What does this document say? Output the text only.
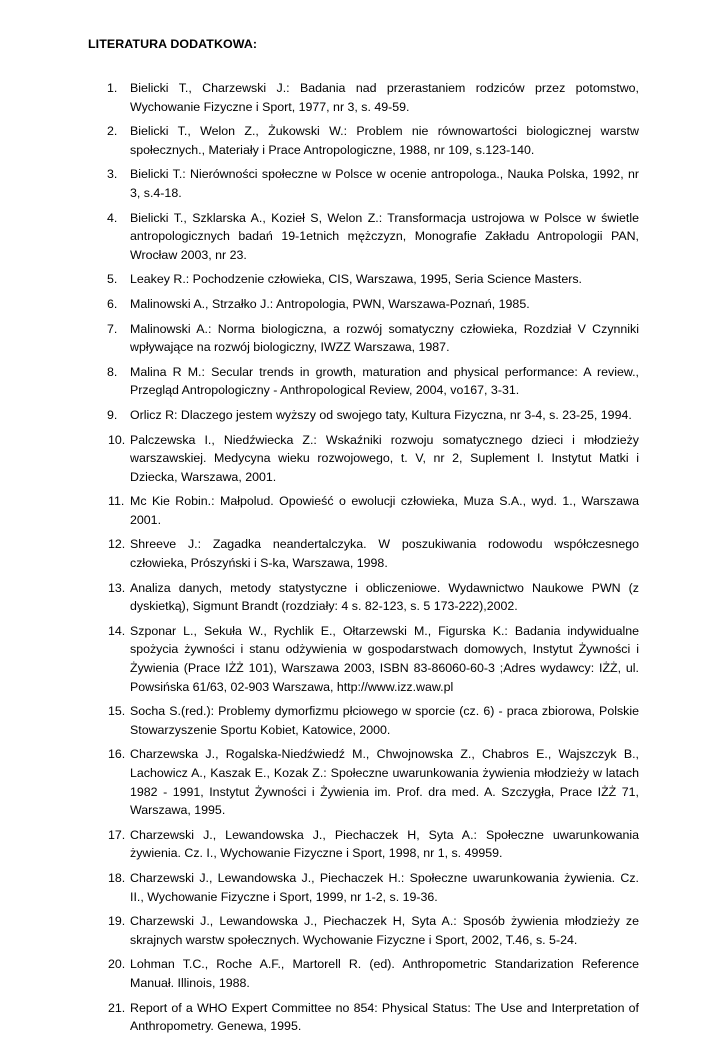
LITERATURA DODATKOWA:
1. Bielicki T., Charzewski J.: Badania nad przerastaniem rodziców przez potomstwo, Wychowanie Fizyczne i Sport, 1977, nr 3, s. 49-59.
2. Bielicki T., Welon Z., Żukowski W.: Problem nie równowartości biologicznej warstw społecznych., Materiały i Prace Antropologiczne, 1988, nr 109, s.123-140.
3. Bielicki T.: Nierówności społeczne w Polsce w ocenie antropologa., Nauka Polska, 1992, nr 3, s.4-18.
4. Bielicki T., Szklarska A., Kozieł S, Welon Z.: Transformacja ustrojowa w Polsce w świetle antropologicznych badań 19-1etnich mężczyzn, Monografie Zakładu Antropologii PAN, Wrocław 2003, nr 23.
5. Leakey R.: Pochodzenie człowieka, CIS, Warszawa, 1995, Seria Science Masters.
6. Malinowski A., Strzałko J.: Antropologia, PWN, Warszawa-Poznań, 1985.
7. Malinowski A.: Norma biologiczna, a rozwój somatyczny człowieka, Rozdział V Czynniki wpływające na rozwój biologiczny, IWZZ Warszawa, 1987.
8. Malina R M.: Secular trends in growth, maturation and physical performance: A review., Przegląd Antropologiczny - Anthropological Review, 2004, vo167, 3-31.
9. Orlicz R: Dlaczego jestem wyższy od swojego taty, Kultura Fizyczna, nr 3-4, s. 23-25, 1994.
10. Palczewska I., Niedźwiecka Z.: Wskaźniki rozwoju somatycznego dzieci i młodzieży warszawskiej. Medycyna wieku rozwojowego, t. V, nr 2, Suplement I. Instytut Matki i Dziecka, Warszawa, 2001.
11. Mc Kie Robin.: Małpolud. Opowieść o ewolucji człowieka, Muza S.A., wyd. 1., Warszawa 2001.
12. Shreeve J.: Zagadka neandertalczyka. W poszukiwania rodowodu współczesnego człowieka, Prószyński i S-ka, Warszawa, 1998.
13. Analiza danych, metody statystyczne i obliczeniowe. Wydawnictwo Naukowe PWN (z dyskietką), Sigmunt Brandt (rozdziały: 4 s. 82-123, s. 5 173-222),2002.
14. Szponar L., Sekuła W., Rychlik E., Ołtarzewski M., Figurska K.: Badania indywidualne spożycia żywności i stanu odżywienia w gospodarstwach domowych, Instytut Żywności i Żywienia (Prace IŻŻ 101), Warszawa 2003, ISBN 83-86060-60-3 ;Adres wydawcy: IŻŻ, ul. Powsińska 61/63, 02-903 Warszawa, http://www.izz.waw.pl
15. Socha S.(red.): Problemy dymorfizmu płciowego w sporcie (cz. 6) - praca zbiorowa, Polskie Stowarzyszenie Sportu Kobiet, Katowice, 2000.
16. Charzewska J., Rogalska-Niedźwiedź M., Chwojnowska Z., Chabros E., Wajszczyk B., Lachowicz A., Kaszak E., Kozak Z.: Społeczne uwarunkowania żywienia młodzieży w latach 1982 - 1991, Instytut Żywności i Żywienia im. Prof. dra med. A. Szczygła, Prace IŻŻ 71, Warszawa, 1995.
17. Charzewski J., Lewandowska J., Piechaczek H, Syta A.: Społeczne uwarunkowania żywienia. Cz. I., Wychowanie Fizyczne i Sport, 1998, nr 1, s. 49959.
18. Charzewski J., Lewandowska J., Piechaczek H.: Społeczne uwarunkowania żywienia. Cz. II., Wychowanie Fizyczne i Sport, 1999, nr 1-2, s. 19-36.
19. Charzewski J., Lewandowska J., Piechaczek H, Syta A.: Sposób żywienia młodzieży ze skrajnych warstw społecznych. Wychowanie Fizyczne i Sport, 2002, T.46, s. 5-24.
20. Lohman T.C., Roche A.F., Martorell R. (ed). Anthropometric Standarization Reference Manuał. Illinois, 1988.
21. Report of a WHO Expert Committee no 854: Physical Status: The Use and Interpretation of Anthropometry. Genewa, 1995.
